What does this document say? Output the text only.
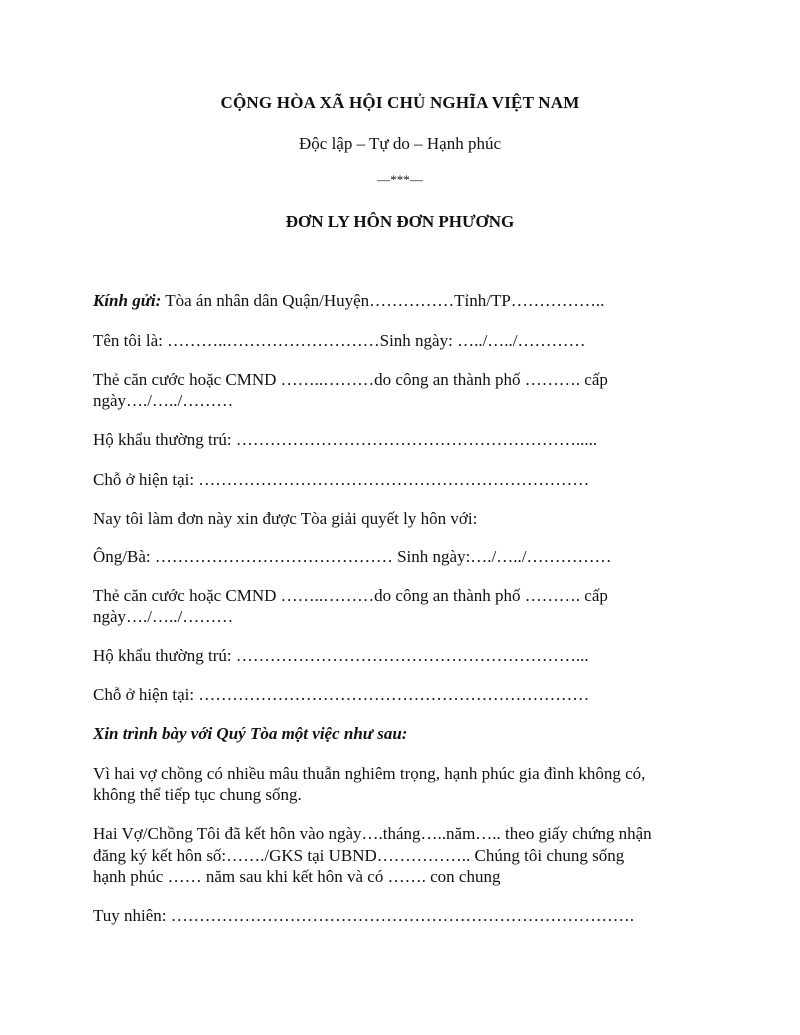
CỘNG HÒA XÃ HỘI CHỦ NGHĨA VIỆT NAM

Độc lập – Tự do – Hạnh phúc

—***—

ĐƠN LY HÔN ĐƠN PHƯƠNG

Kính gửi: Tòa án nhân dân Quận/Huyện……………Tỉnh/TP……………..

Tên tôi là: ………..………………………Sinh ngày: …../…../…………

Thẻ căn cước hoặc CMND ……..………do công an thành phố ………. cấp

ngày…./…../………

Hộ khẩu thường trú: …………………………………………………….....

Chỗ ở hiện tại: ……………………………………………………………

Nay tôi làm đơn này xin được Tòa giải quyết ly hôn với:

Ông/Bà: …………………………………… Sinh ngày:…./…../……………

Thẻ căn cước hoặc CMND ……..………do công an thành phố ………. cấp

ngày…./…../………

Hộ khẩu thường trú: ……………………………………………………...

Chỗ ở hiện tại: ……………………………………………………………

Xin trình bày với Quý Tòa một việc như sau:

Vì hai vợ chồng có nhiều mâu thuẫn nghiêm trọng, hạnh phúc gia đình không có,

không thể tiếp tục chung sống.

Hai Vợ/Chồng Tôi đã kết hôn vào ngày….tháng…..năm….. theo giấy chứng nhận

đăng ký kết hôn số:……./GKS tại UBND…………….. Chúng tôi chung sống

hạnh phúc …… năm sau khi kết hôn và có ……. con chung

Tuy nhiên: ……………………………………………………………………….
